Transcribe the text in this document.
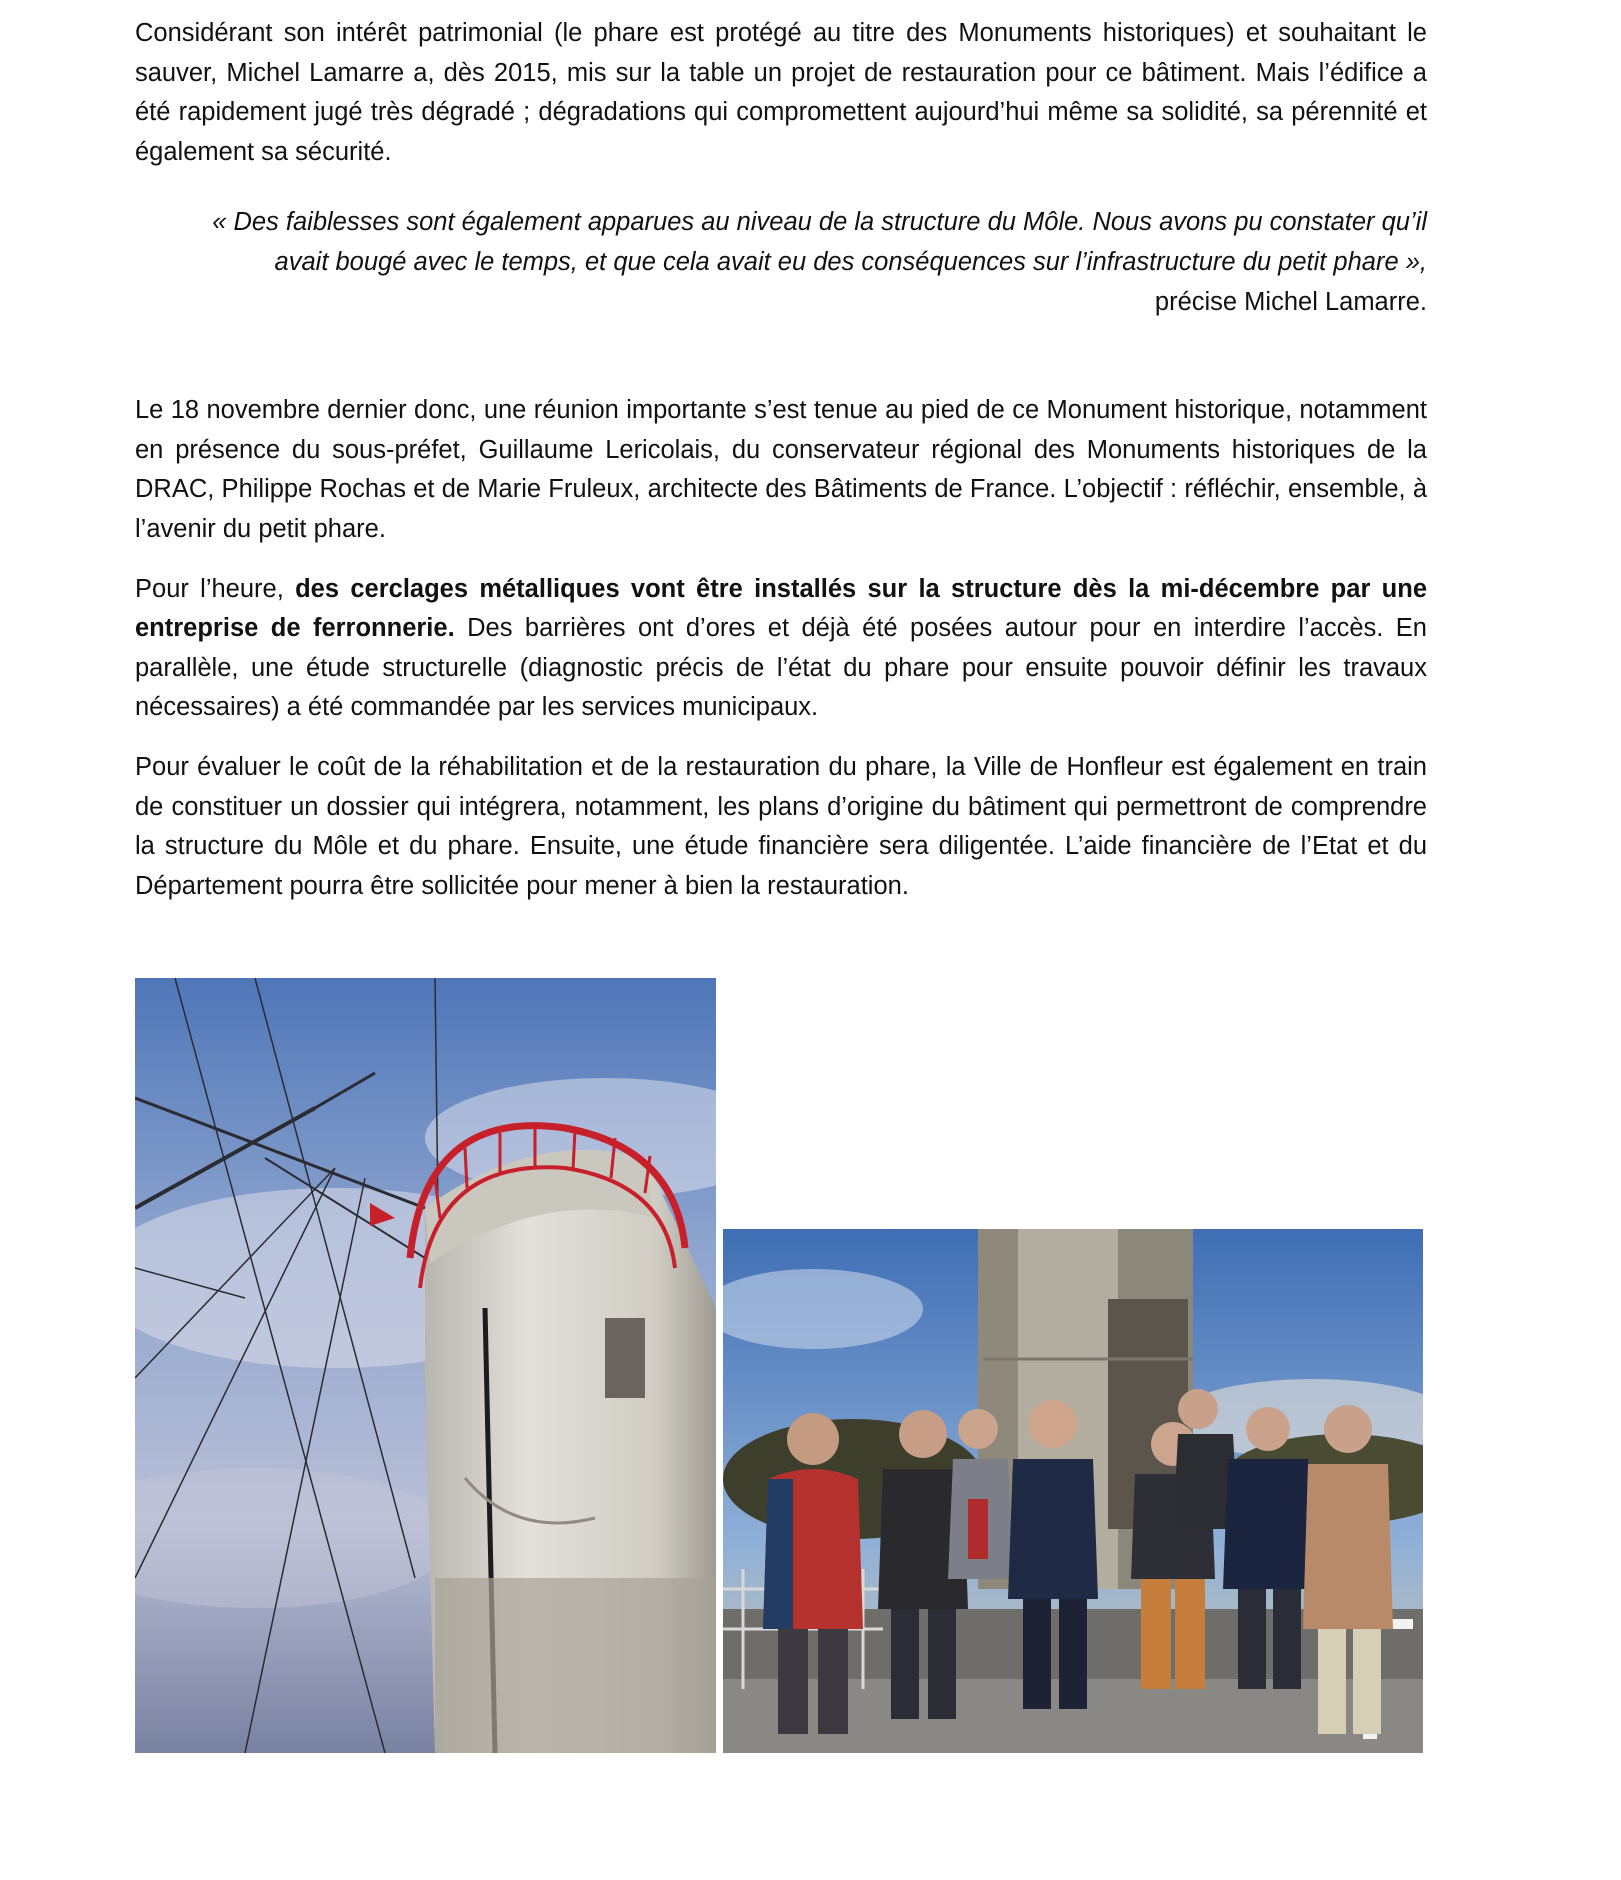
Considérant son intérêt patrimonial (le phare est protégé au titre des Monuments historiques) et souhaitant le sauver, Michel Lamarre a, dès 2015, mis sur la table un projet de restauration pour ce bâtiment. Mais l’édifice a été rapidement jugé très dégradé ; dégradations qui compromettent aujourd’hui même sa solidité, sa pérennité et également sa sécurité.

« Des faiblesses sont également apparues au niveau de la structure du Môle. Nous avons pu constater qu’il avait bougé avec le temps, et que cela avait eu des conséquences sur l’infrastructure du petit phare »,

précise Michel Lamarre.

Le 18 novembre dernier donc, une réunion importante s’est tenue au pied de ce Monument historique, notamment en présence du sous-préfet, Guillaume Lericolais, du conservateur régional des Monuments historiques de la DRAC, Philippe Rochas et de Marie Fruleux, architecte des Bâtiments de France. L’objectif : réfléchir, ensemble, à l’avenir du petit phare.

Pour l’heure, des cerclages métalliques vont être installés sur la structure dès la mi-décembre par une entreprise de ferronnerie. Des barrières ont d’ores et déjà été posées autour pour en interdire l’accès. En parallèle, une étude structurelle (diagnostic précis de l’état du phare pour ensuite pouvoir définir les travaux nécessaires) a été commandée par les services municipaux.

Pour évaluer le coût de la réhabilitation et de la restauration du phare, la Ville de Honfleur est également en train de constituer un dossier qui intégrera, notamment, les plans d’origine du bâtiment qui permettront de comprendre la structure du Môle et du phare. Ensuite, une étude financière sera diligentée. L’aide financière de l’Etat et du Département pourra être sollicitée pour mener à bien la restauration.
